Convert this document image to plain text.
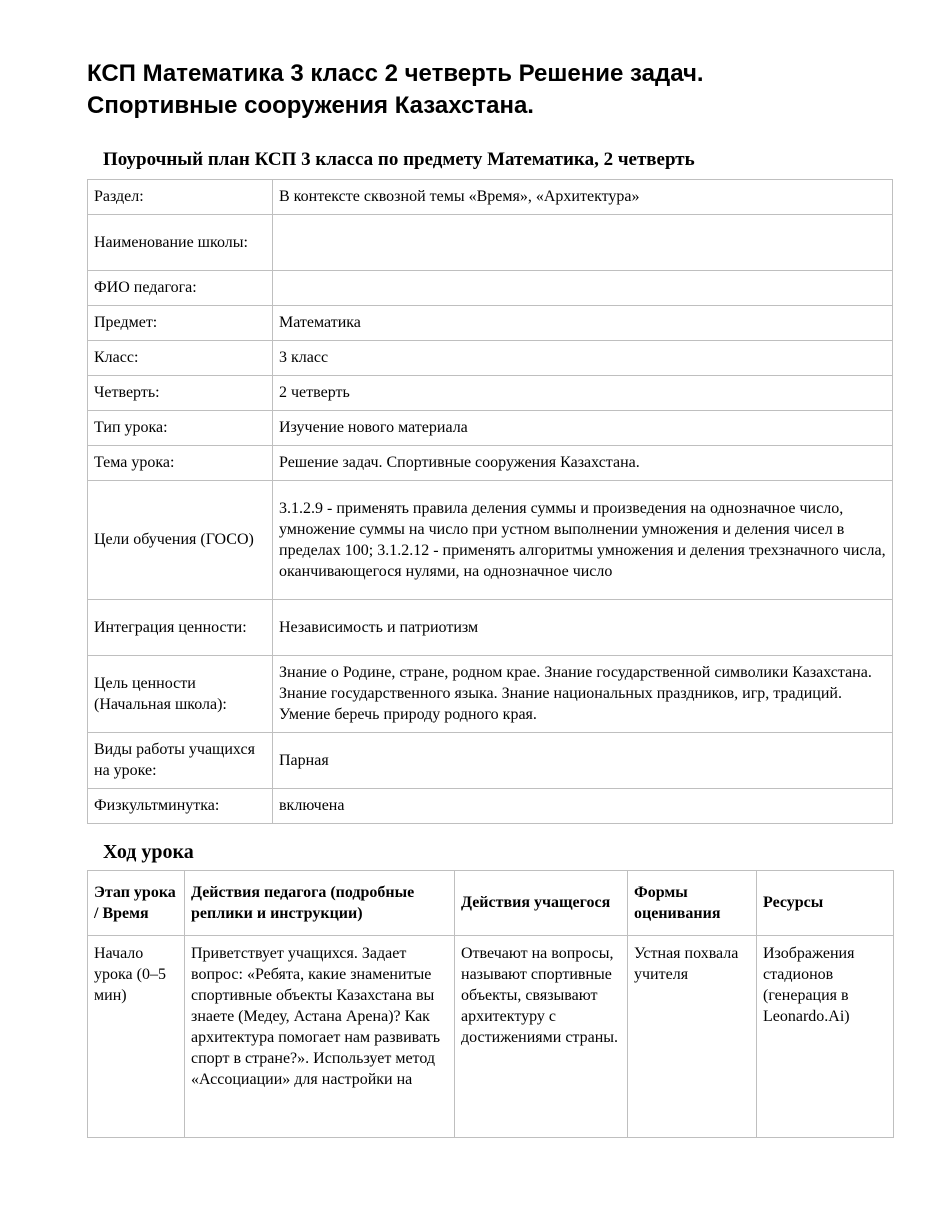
КСП Математика 3 класс 2 четверть Решение задач.
Спортивные сооружения Казахстана.
Поурочный план КСП 3 класса по предмету Математика, 2 четверть
Раздел:	В контексте сквозной темы «Время», «Архитектура»
Наименование школы:	
ФИО педагога:	
Предмет:	Математика
Класс:	3 класс
Четверть:	2 четверть
Тип урока:	Изучение нового материала
Тема урока:	Решение задач. Спортивные сооружения Казахстана.
Цели обучения (ГОСО)	3.1.2.9 - применять правила деления суммы и произведения на однозначное число, умножение суммы на число при устном выполнении умножения и деления чисел в пределах 100; 3.1.2.12 - применять алгоритмы умножения и деления трехзначного числа, оканчивающегося нулями, на однозначное число
Интеграция ценности:	Независимость и патриотизм
Цель ценности (Начальная школа):	Знание о Родине, стране, родном крае. Знание государственной символики Казахстана. Знание государственного языка. Знание национальных праздников, игр, традиций. Умение беречь природу родного края.
Виды работы учащихся на уроке:	Парная
Физкультминутка:	включена
Ход урока
Этап урока / Время	Действия педагога (подробные реплики и инструкции)	Действия учащегося	Формы оценивания	Ресурсы
Начало урока (0–5 мин)	Приветствует учащихся. Задает вопрос: «Ребята, какие знаменитые спортивные объекты Казахстана вы знаете (Медеу, Астана Арена)? Как архитектура помогает нам развивать спорт в стране?». Использует метод «Ассоциации» для настройки на	Отвечают на вопросы, называют спортивные объекты, связывают архитектуру с достижениями страны.	Устная похвала учителя	Изображения стадионов (генерация в Leonardo.Ai)
